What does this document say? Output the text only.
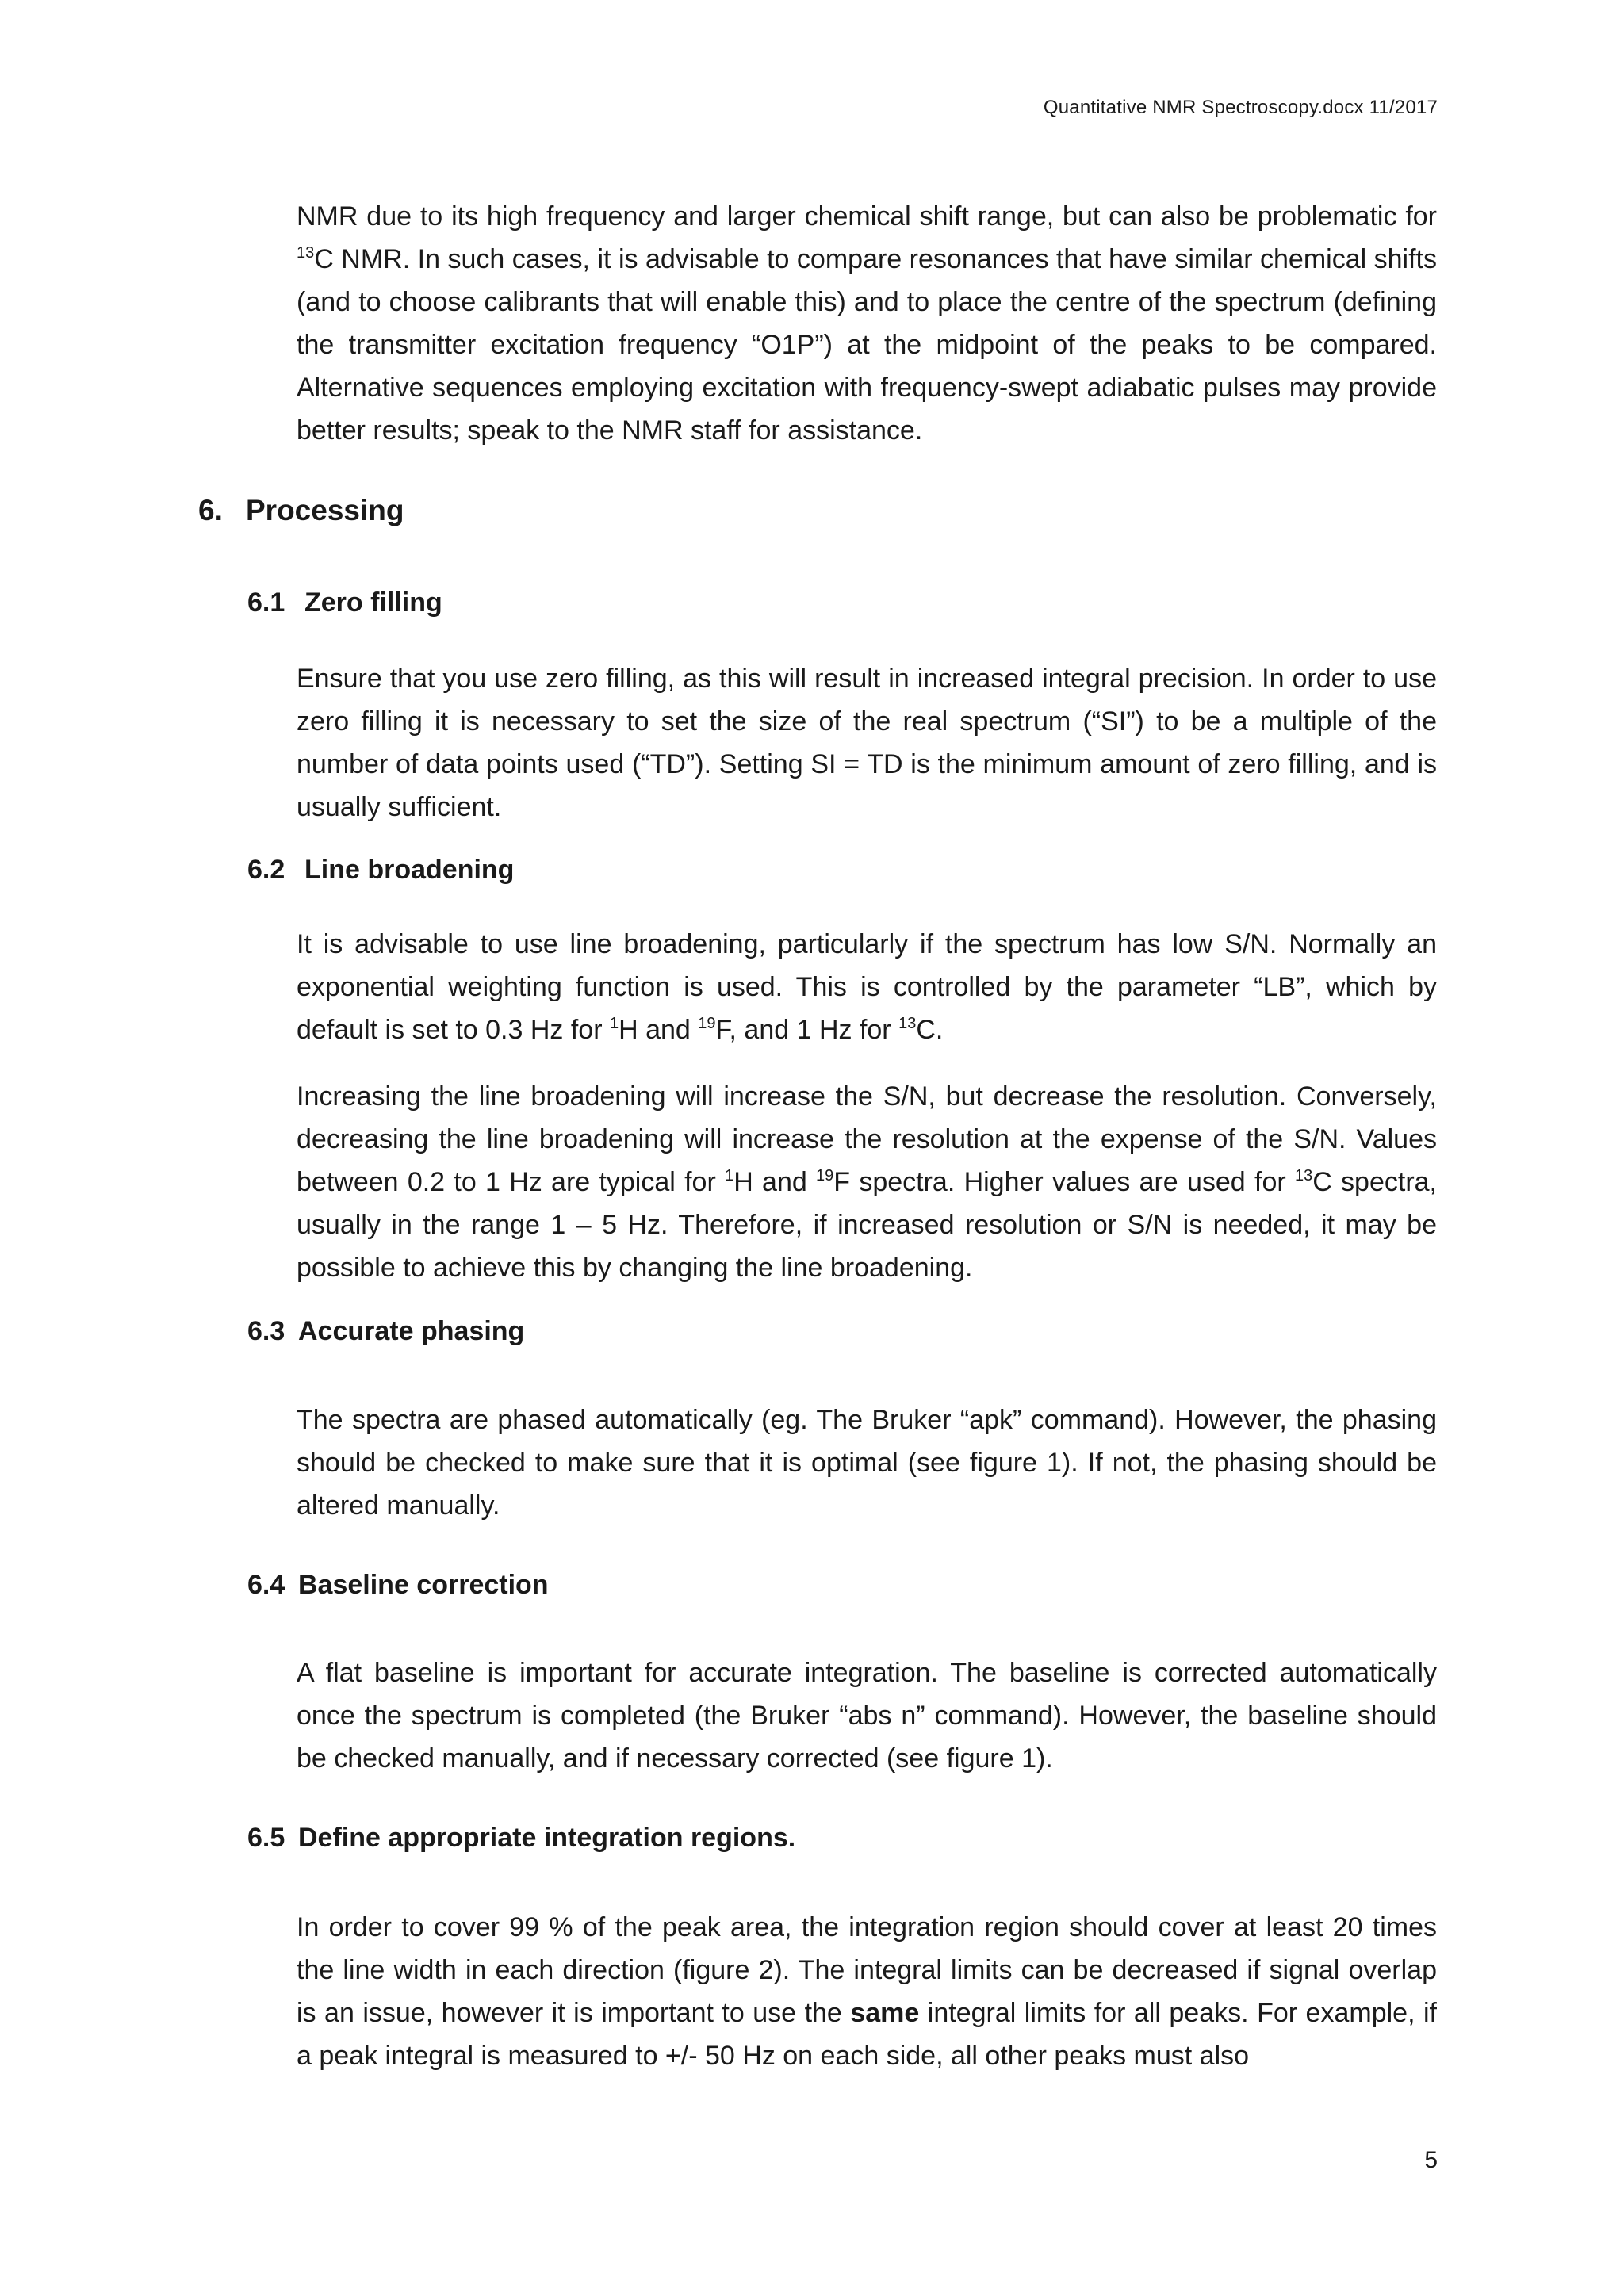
Quantitative NMR Spectroscopy.docx 11/2017

NMR due to its high frequency and larger chemical shift range, but can also be problematic for $^{13}$C NMR. In such cases, it is advisable to compare resonances that have similar chemical shifts (and to choose calibrants that will enable this) and to place the centre of the spectrum (defining the transmitter excitation frequency “O1P”) at the midpoint of the peaks to be compared. Alternative sequences employing excitation with frequency-swept adiabatic pulses may provide better results; speak to the NMR staff for assistance.

6. Processing
6.1 Zero filling

Ensure that you use zero filling, as this will result in increased integral precision. In order to use zero filling it is necessary to set the size of the real spectrum (“SI”) to be a multiple of the number of data points used (“TD”). Setting SI = TD is the minimum amount of zero filling, and is usually sufficient.

6.2 Line broadening

It is advisable to use line broadening, particularly if the spectrum has low S/N. Normally an exponential weighting function is used. This is controlled by the parameter “LB”, which by default is set to 0.3 Hz for $^1$H and $^{19}$F, and 1 Hz for $^{13}$C.

Increasing the line broadening will increase the S/N, but decrease the resolution. Conversely, decreasing the line broadening will increase the resolution at the expense of the S/N. Values between 0.2 to 1 Hz are typical for $^1$H and $^{19}$F spectra. Higher values are used for $^{13}$C spectra, usually in the range 1 – 5 Hz. Therefore, if increased resolution or S/N is needed, it may be possible to achieve this by changing the line broadening.

6.3 Accurate phasing

The spectra are phased automatically (eg. The Bruker “apk” command). However, the phasing should be checked to make sure that it is optimal (see figure 1). If not, the phasing should be altered manually.

6.4 Baseline correction

A flat baseline is important for accurate integration. The baseline is corrected automatically once the spectrum is completed (the Bruker “abs n” command). However, the baseline should be checked manually, and if necessary corrected (see figure 1).

6.5 Define appropriate integration regions.

In order to cover 99 % of the peak area, the integration region should cover at least 20 times the line width in each direction (figure 2). The integral limits can be decreased if signal overlap is an issue, however it is important to use the same integral limits for all peaks. For example, if a peak integral is measured to +/- 50 Hz on each side, all other peaks must also

5
